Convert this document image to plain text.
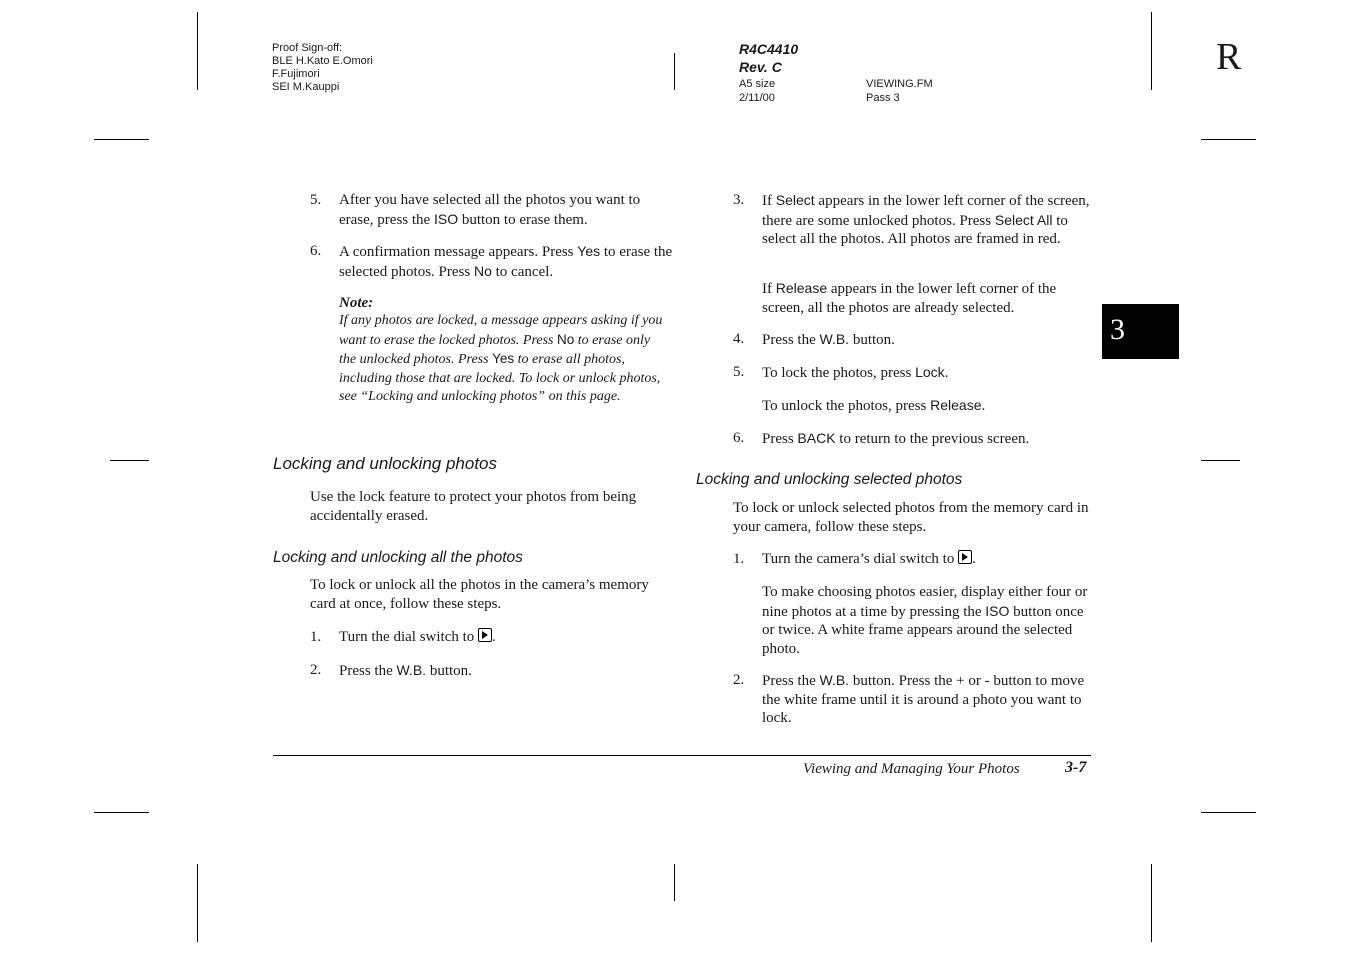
Proof Sign-off:
BLE H.Kato E.Omori
F.Fujimori
SEI M.Kauppi
R4C4410
Rev. C
A5 size
2/11/00
VIEWING.FM
Pass 3
R
3
5. After you have selected all the photos you want to erase, press the ISO button to erase them.
6. A confirmation message appears. Press Yes to erase the selected photos. Press No to cancel.
Note:
If any photos are locked, a message appears asking if you want to erase the locked photos. Press No to erase only the unlocked photos. Press Yes to erase all photos, including those that are locked. To lock or unlock photos, see “Locking and unlocking photos” on this page.
Locking and unlocking photos
Use the lock feature to protect your photos from being accidentally erased.
Locking and unlocking all the photos
To lock or unlock all the photos in the camera’s memory card at once, follow these steps.
1. Turn the dial switch to .
2. Press the W.B. button.
3. If Select appears in the lower left corner of the screen, there are some unlocked photos. Press Select All to select all the photos. All photos are framed in red.
If Release appears in the lower left corner of the screen, all the photos are already selected.
4. Press the W.B. button.
5. To lock the photos, press Lock.
To unlock the photos, press Release.
6. Press BACK to return to the previous screen.
Locking and unlocking selected photos
To lock or unlock selected photos from the memory card in your camera, follow these steps.
1. Turn the camera’s dial switch to .
To make choosing photos easier, display either four or nine photos at a time by pressing the ISO button once or twice. A white frame appears around the selected photo.
2. Press the W.B. button. Press the + or - button to move the white frame until it is around a photo you want to lock.
Viewing and Managing Your Photos	3-7
